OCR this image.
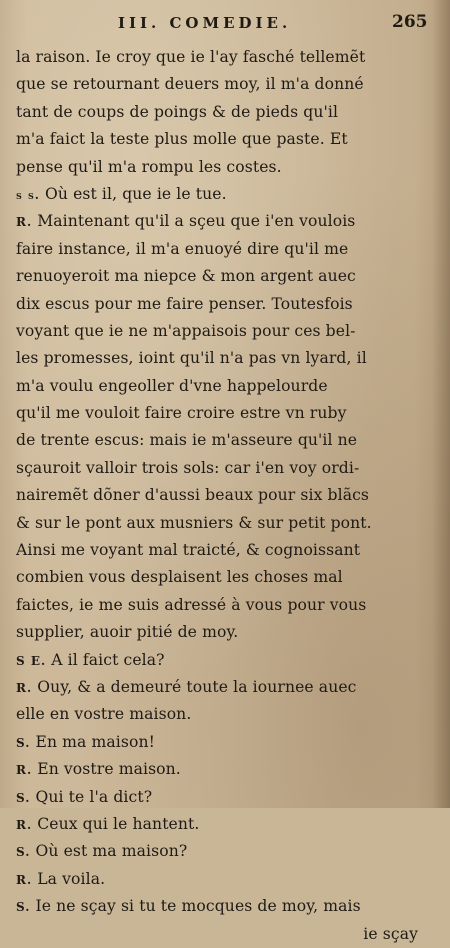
III. COMEDIE.	265
la raison. Ie croy que ie l'ay fasché tellemẽt
que se retournant deuers moy, il m'a donné
tant de coups de poings & de pieds qu'il
m'a faict la teste plus molle que paste. Et
pense qu'il m'a rompu les costes.
s s. Où est il, que ie le tue.
R. Maintenant qu'il a sçeu que i'en voulois
faire instance, il m'a enuoyé dire qu'il me
renuoyeroit ma niepce & mon argent auec
dix escus pour me faire penser. Toutesfois
voyant que ie ne m'appaisois pour ces bel-
les promesses, ioint qu'il n'a pas vn lyard, il
m'a voulu engeoller d'vne happelourde
qu'il me vouloit faire croire estre vn ruby
de trente escus: mais ie m'asseure qu'il ne
sçauroit valloir trois sols: car i'en voy ordi-
nairemẽt dõner d'aussi beaux pour six blãcs
& sur le pont aux musniers & sur petit pont.
Ainsi me voyant mal traicté, & cognoissant
combien vous desplaisent les choses mal
faictes, ie me suis adressé à vous pour vous
supplier, auoir pitié de moy.
S E. A il faict cela?
R. Ouy, & a demeuré toute la iournee auec
elle en vostre maison.
S. En ma maison!
R. En vostre maison.
S. Qui te l'a dict?
R. Ceux qui le hantent.
S. Où est ma maison?
R. La voila.
S. Ie ne sçay si tu te mocques de moy, mais
ie sçay
